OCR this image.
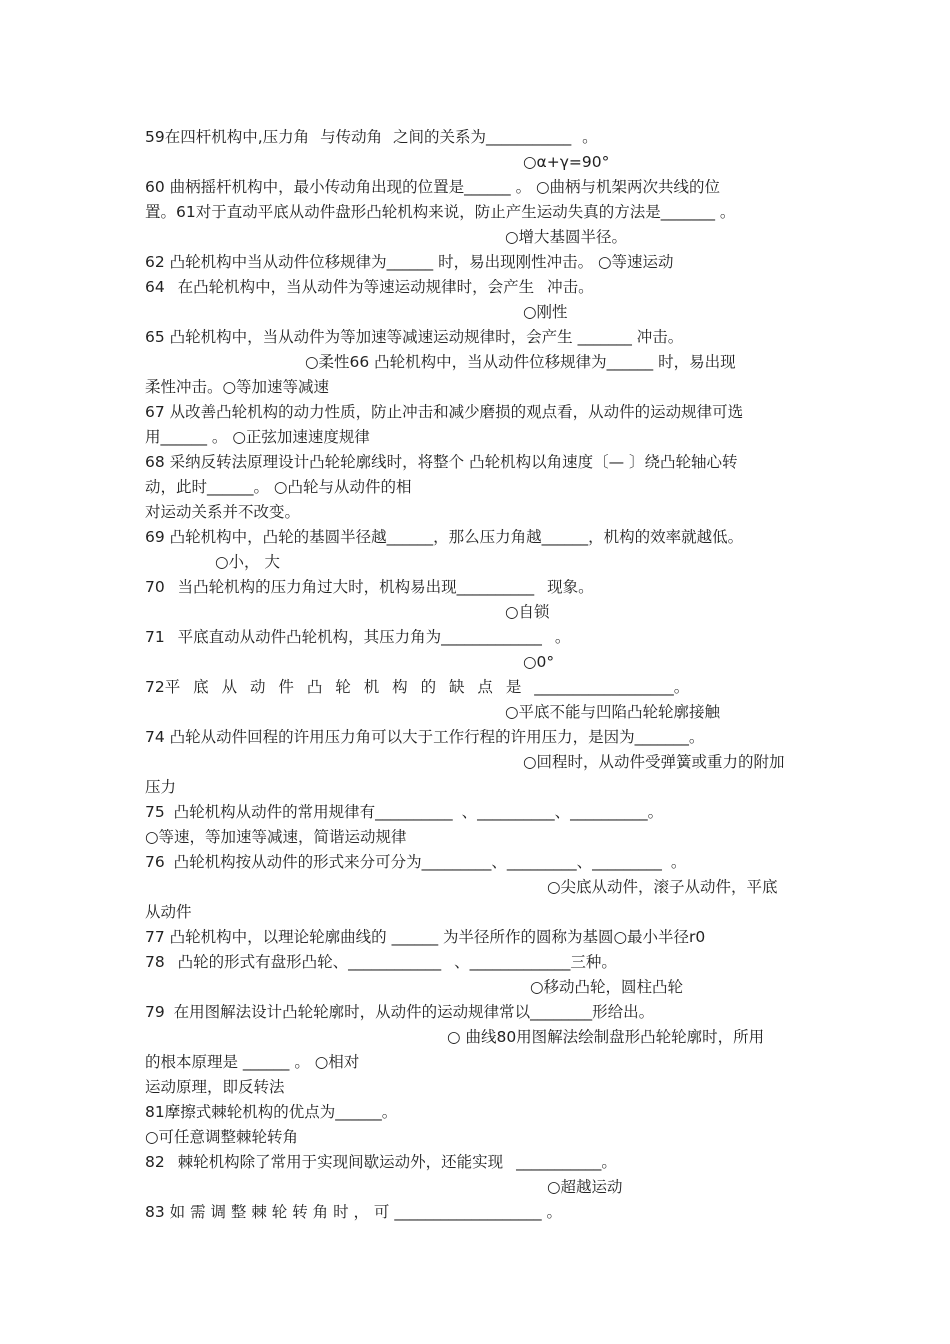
59在四杆机构中,压力角 与传动角 之间的关系为___________ 。
○α+γ=90°
60 曲柄摇杆机构中，最小传动角出现的位置是______ 。 ○曲柄与机架两次共线的位
置。61对于直动平底从动件盘形凸轮机构来说，防止产生运动失真的方法是_______ 。
○增大基圆半径。
62 凸轮机构中当从动件位移规律为______ 时，易出现刚性冲击。 ○等速运动
64 在凸轮机构中，当从动件为等速运动规律时，会产生 冲击。
○刚性
65 凸轮机构中，当从动件为等加速等减速运动规律时，会产生 _______ 冲击。
○柔性66 凸轮机构中，当从动件位移规律为______ 时，易出现
柔性冲击。○等加速等减速
67 从改善凸轮机构的动力性质，防止冲击和减少磨损的观点看，从动件的运动规律可选
用______ 。 ○正弦加速速度规律
68 采纳反转法原理设计凸轮轮廓线时，将整个 凸轮机构以角速度〔— 〕绕凸轮轴心转
动，此时______。 ○凸轮与从动件的相
对运动关系并不改变。
69 凸轮机构中，凸轮的基圆半径越______，那么压力角越______，机构的效率就越低。
○小， 大
70 当凸轮机构的压力角过大时，机构易出现__________ 现象。
○自锁
71 平底直动从动件凸轮机构，其压力角为_____________ 。
○0°
72平 底 从 动 件 凸 轮 机 构 的 缺 点 是 __________________。
○平底不能与凹陷凸轮轮廓接触
74 凸轮从动件回程的许用压力角可以大于工作行程的许用压力，是因为_______。
○回程时，从动件受弹簧或重力的附加
压力
75 凸轮机构从动件的常用规律有__________ 、__________、__________。
○等速，等加速等减速，简谐运动规律
76 凸轮机构按从动件的形式来分可分为_________、_________、_________ 。
○尖底从动件，滚子从动件，平底
从动件
77 凸轮机构中，以理论轮廓曲线的 ______ 为半径所作的圆称为基圆○最小半径r0
78 凸轮的形式有盘形凸轮、____________ 、_____________三种。
○移动凸轮，圆柱凸轮
79 在用图解法设计凸轮轮廓时，从动件的运动规律常以________形给出。
○ 曲线80用图解法绘制盘形凸轮轮廓时，所用
的根本原理是 ______ 。 ○相对
运动原理，即反转法
81摩擦式棘轮机构的优点为______。
○可任意调整棘轮转角
82 棘轮机构除了常用于实现间歇运动外，还能实现 ___________。
○超越运动
83 如 需 调 整 棘 轮 转 角 时 ， 可 ___________________ 。
